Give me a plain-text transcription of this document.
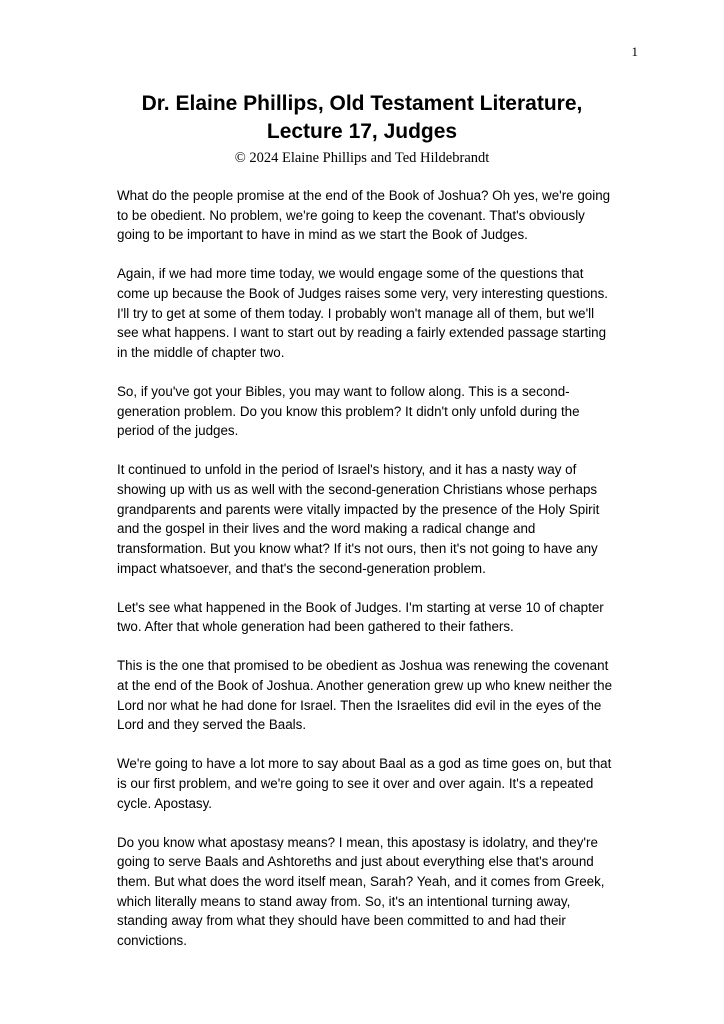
1
Dr. Elaine Phillips, Old Testament Literature,
Lecture 17, Judges
© 2024 Elaine Phillips and Ted Hildebrandt

What do the people promise at the end of the Book of Joshua? Oh yes, we're going to be obedient. No problem, we're going to keep the covenant. That's obviously going to be important to have in mind as we start the Book of Judges.

Again, if we had more time today, we would engage some of the questions that come up because the Book of Judges raises some very, very interesting questions. I'll try to get at some of them today. I probably won't manage all of them, but we'll see what happens. I want to start out by reading a fairly extended passage starting in the middle of chapter two.

So, if you've got your Bibles, you may want to follow along. This is a second-generation problem. Do you know this problem? It didn't only unfold during the period of the judges.

It continued to unfold in the period of Israel's history, and it has a nasty way of showing up with us as well with the second-generation Christians whose perhaps grandparents and parents were vitally impacted by the presence of the Holy Spirit and the gospel in their lives and the word making a radical change and transformation. But you know what? If it's not ours, then it's not going to have any impact whatsoever, and that's the second-generation problem.

Let's see what happened in the Book of Judges. I'm starting at verse 10 of chapter two. After that whole generation had been gathered to their fathers.

This is the one that promised to be obedient as Joshua was renewing the covenant at the end of the Book of Joshua. Another generation grew up who knew neither the Lord nor what he had done for Israel. Then the Israelites did evil in the eyes of the Lord and they served the Baals.

We're going to have a lot more to say about Baal as a god as time goes on, but that is our first problem, and we're going to see it over and over again. It's a repeated cycle. Apostasy.

Do you know what apostasy means? I mean, this apostasy is idolatry, and they're going to serve Baals and Ashtoreths and just about everything else that's around them. But what does the word itself mean, Sarah? Yeah, and it comes from Greek, which literally means to stand away from. So, it's an intentional turning away, standing away from what they should have been committed to and had their convictions.
